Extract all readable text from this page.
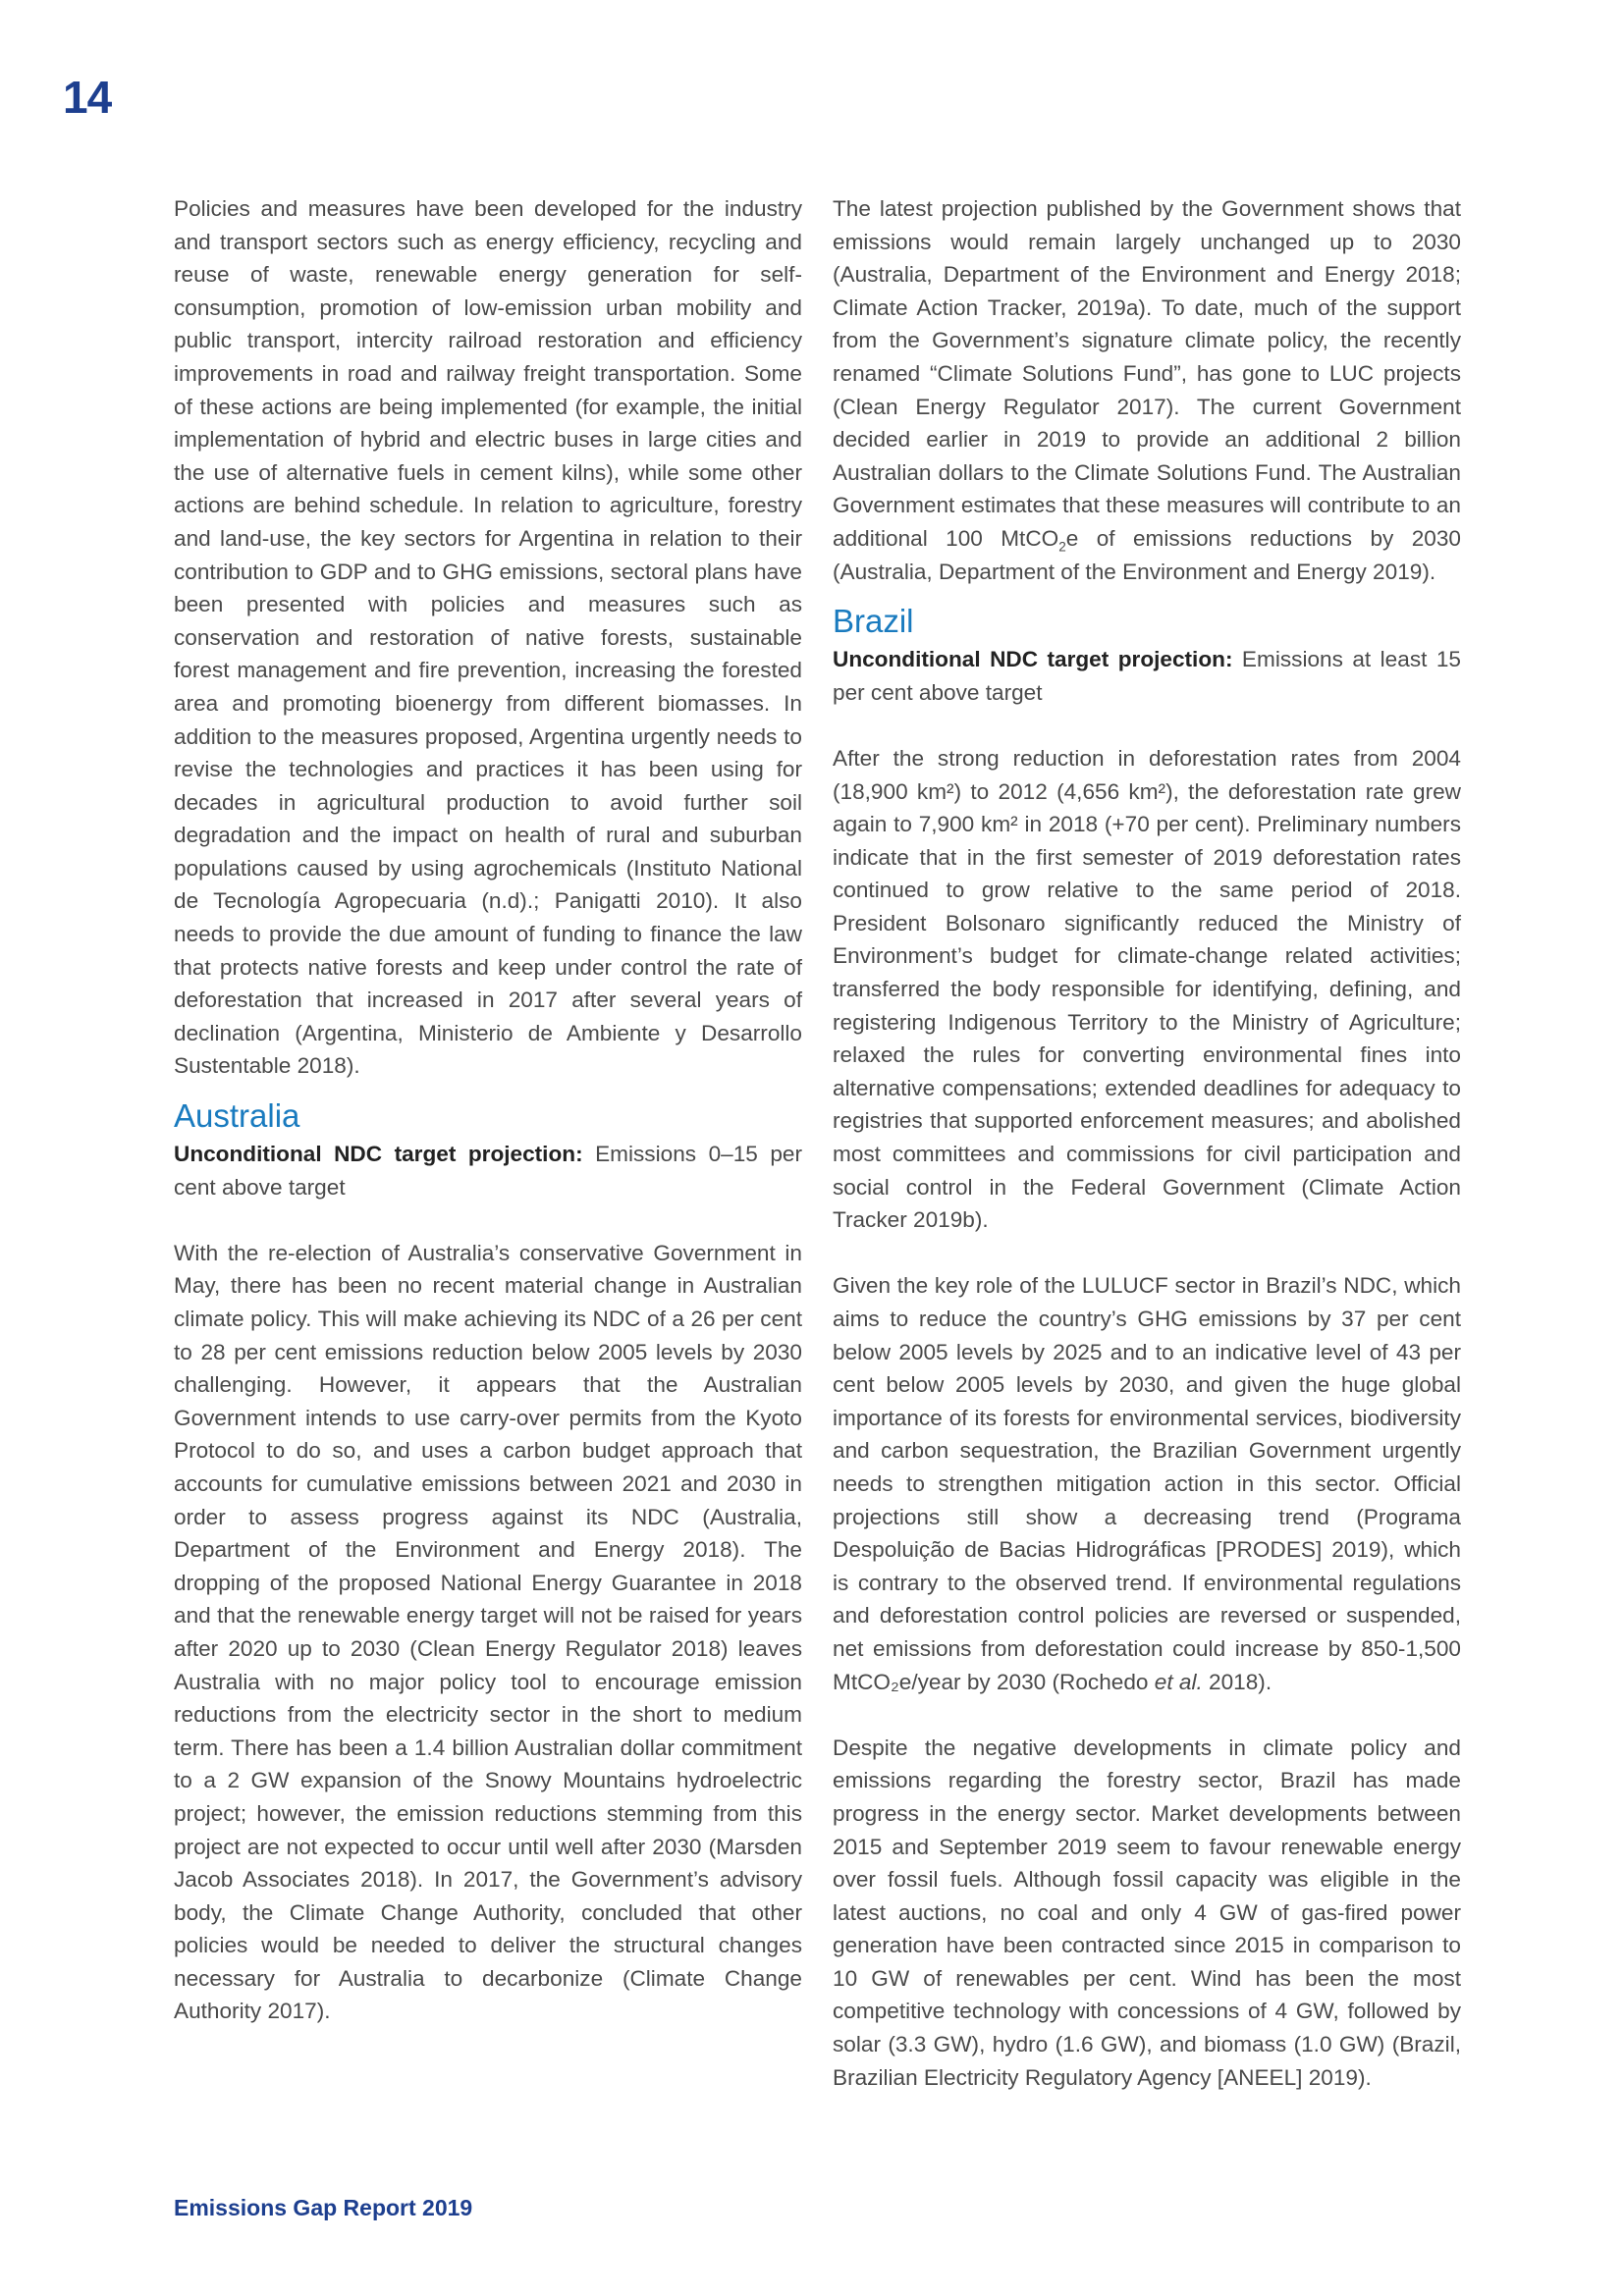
14

Policies and measures have been developed for the industry and transport sectors such as energy efficiency, recycling and reuse of waste, renewable energy generation for self-consumption, promotion of low-emission urban mobility and public transport, intercity railroad restoration and efficiency improvements in road and railway freight transportation. Some of these actions are being implemented (for example, the initial implementation of hybrid and electric buses in large cities and the use of alternative fuels in cement kilns), while some other actions are behind schedule. In relation to agriculture, forestry and land-use, the key sectors for Argentina in relation to their contribution to GDP and to GHG emissions, sectoral plans have been presented with policies and measures such as conservation and restoration of native forests, sustainable forest management and fire prevention, increasing the forested area and promoting bioenergy from different biomasses. In addition to the measures proposed, Argentina urgently needs to revise the technologies and practices it has been using for decades in agricultural production to avoid further soil degradation and the impact on health of rural and suburban populations caused by using agrochemicals (Instituto National de Tecnología Agropecuaria (n.d).; Panigatti 2010). It also needs to provide the due amount of funding to finance the law that protects native forests and keep under control the rate of deforestation that increased in 2017 after several years of declination (Argentina, Ministerio de Ambiente y Desarrollo Sustentable 2018).

Australia

Unconditional NDC target projection: Emissions 0–15 per cent above target

With the re-election of Australia’s conservative Government in May, there has been no recent material change in Australian climate policy. This will make achieving its NDC of a 26 per cent to 28 per cent emissions reduction below 2005 levels by 2030 challenging. However, it appears that the Australian Government intends to use carry-over permits from the Kyoto Protocol to do so, and uses a carbon budget approach that accounts for cumulative emissions between 2021 and 2030 in order to assess progress against its NDC (Australia, Department of the Environment and Energy 2018). The dropping of the proposed National Energy Guarantee in 2018 and that the renewable energy target will not be raised for years after 2020 up to 2030 (Clean Energy Regulator 2018) leaves Australia with no major policy tool to encourage emission reductions from the electricity sector in the short to medium term. There has been a 1.4 billion Australian dollar commitment to a 2 GW expansion of the Snowy Mountains hydroelectric project; however, the emission reductions stemming from this project are not expected to occur until well after 2030 (Marsden Jacob Associates 2018). In 2017, the Government’s advisory body, the Climate Change Authority, concluded that other policies would be needed to deliver the structural changes necessary for Australia to decarbonize (Climate Change Authority 2017).

The latest projection published by the Government shows that emissions would remain largely unchanged up to 2030 (Australia, Department of the Environment and Energy 2018; Climate Action Tracker, 2019a). To date, much of the support from the Government’s signature climate policy, the recently renamed “Climate Solutions Fund”, has gone to LUC projects (Clean Energy Regulator 2017). The current Government decided earlier in 2019 to provide an additional 2 billion Australian dollars to the Climate Solutions Fund. The Australian Government estimates that these measures will contribute to an additional 100 MtCO$_2$e of emissions reductions by 2030 (Australia, Department of the Environment and Energy 2019).

Brazil

Unconditional NDC target projection: Emissions at least 15 per cent above target

After the strong reduction in deforestation rates from 2004 (18,900 km²) to 2012 (4,656 km²), the deforestation rate grew again to 7,900 km² in 2018 (+70 per cent). Preliminary numbers indicate that in the first semester of 2019 deforestation rates continued to grow relative to the same period of 2018. President Bolsonaro significantly reduced the Ministry of Environment’s budget for climate-change related activities; transferred the body responsible for identifying, defining, and registering Indigenous Territory to the Ministry of Agriculture; relaxed the rules for converting environmental fines into alternative compensations; extended deadlines for adequacy to registries that supported enforcement measures; and abolished most committees and commissions for civil participation and social control in the Federal Government (Climate Action Tracker 2019b).

Given the key role of the LULUCF sector in Brazil’s NDC, which aims to reduce the country’s GHG emissions by 37 per cent below 2005 levels by 2025 and to an indicative level of 43 per cent below 2005 levels by 2030, and given the huge global importance of its forests for environmental services, biodiversity and carbon sequestration, the Brazilian Government urgently needs to strengthen mitigation action in this sector. Official projections still show a decreasing trend (Programa Despoluição de Bacias Hidrográficas [PRODES] 2019), which is contrary to the observed trend. If environmental regulations and deforestation control policies are reversed or suspended, net emissions from deforestation could increase by 850-1,500 MtCO₂e/year by 2030 (Rochedo et al. 2018).

Despite the negative developments in climate policy and emissions regarding the forestry sector, Brazil has made progress in the energy sector. Market developments between 2015 and September 2019 seem to favour renewable energy over fossil fuels. Although fossil capacity was eligible in the latest auctions, no coal and only 4 GW of gas-fired power generation have been contracted since 2015 in comparison to 10 GW of renewables per cent. Wind has been the most competitive technology with concessions of 4 GW, followed by solar (3.3 GW), hydro (1.6 GW), and biomass (1.0 GW) (Brazil, Brazilian Electricity Regulatory Agency [ANEEL] 2019).

Emissions Gap Report 2019
